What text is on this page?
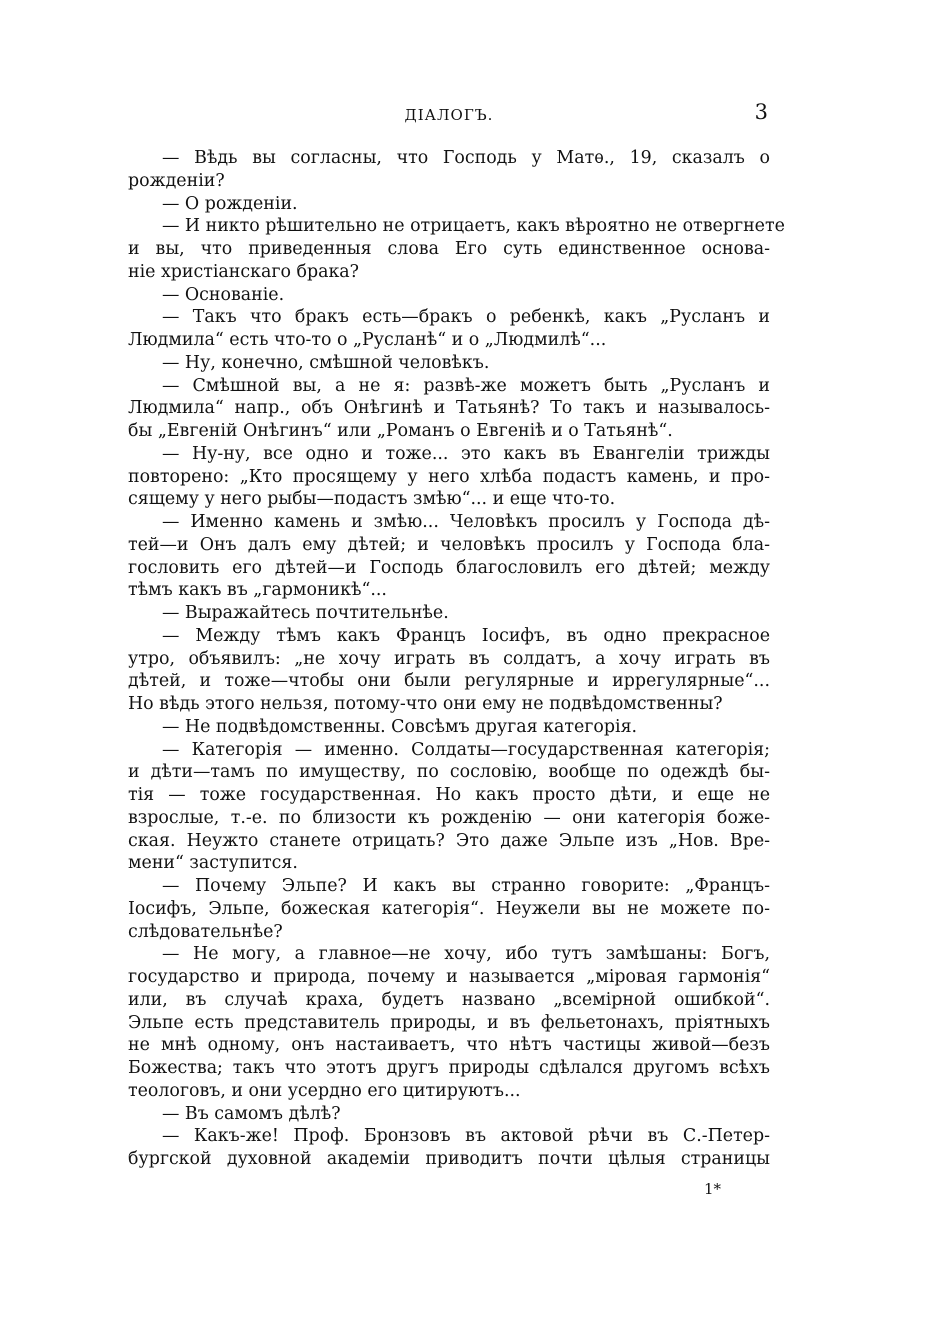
ДIАЛОГЪ.	3
— Вѣдь вы согласны, что Господь у Матѳ., 19, сказалъ о
рожденiи?
— О рожденiи.
— И никто рѣшительно не отрицаетъ, какъ вѣроятно не отвергнете
и вы, что приведенныя слова Его суть единственное основа-
нiе христiанскаго брака?
— Основанiе.
— Такъ что бракъ есть—бракъ о ребенкѣ, какъ „Русланъ и
Людмила“ есть что-то о „Русланѣ“ и о „Людмилѣ“...
— Ну, конечно, смѣшной человѣкъ.
— Смѣшной вы, а не я: развѣ-же можетъ быть „Русланъ и
Людмила“ напр., объ Онѣгинѣ и Татьянѣ? То такъ и называлось-
бы „Евгенiй Онѣгинъ“ или „Романъ о Евгенiѣ и о Татьянѣ“.
— Ну-ну, все одно и тоже... это какъ въ Евангелiи трижды
повторено: „Кто просящему у него хлѣба подастъ камень, и про-
сящему у него рыбы—подастъ змѣю“... и еще что-то.
— Именно камень и змѣю... Человѣкъ просилъ у Господа дѣ-
тей—и Онъ далъ ему дѣтей; и человѣкъ просилъ у Господа бла-
гословить его дѣтей—и Господь благословилъ его дѣтей; между
тѣмъ какъ въ „гармоникѣ“...
— Выражайтесь почтительнѣе.
— Между тѣмъ какъ Францъ Iосифъ, въ одно прекрасное
утро, объявилъ: „не хочу играть въ солдатъ, а хочу играть въ
дѣтей, и тоже—чтобы они были регулярные и иррегулярные“...
Но вѣдь этого нельзя, потому-что они ему не подвѣдомственны?
— Не подвѣдомственны. Совсѣмъ другая категорiя.
— Категорiя — именно. Солдаты—государственная категорiя;
и дѣти—тамъ по имуществу, по сословiю, вообще по одеждѣ бы-
тiя — тоже государственная. Но какъ просто дѣти, и еще не
взрослые, т.-е. по близости къ рожденiю — они категорiя боже-
ская. Неужто станете отрицать? Это даже Эльпе изъ „Нов. Вре-
мени“ заступится.
— Почему Эльпе? И какъ вы странно говорите: „Францъ-
Iосифъ, Эльпе, божеская категорiя“. Неужели вы не можете по-
слѣдовательнѣе?
— Не могу, а главное—не хочу, ибо тутъ замѣшаны: Богъ,
государство и природа, почему и называется „мiровая гармонiя“
или, въ случаѣ краха, будетъ названо „всемiрной ошибкой“.
Эльпе есть представитель природы, и въ фельетонахъ, прiятныхъ
не мнѣ одному, онъ настаиваетъ, что нѣтъ частицы живой—безъ
Божества; такъ что этотъ другъ природы сдѣлался другомъ всѣхъ
теологовъ, и они усердно его цитируютъ...
— Въ самомъ дѣлѣ?
— Какъ-же! Проф. Бронзовъ въ актовой рѣчи въ С.-Петер-
бургской духовной академiи приводитъ почти цѣлыя страницы
1*
